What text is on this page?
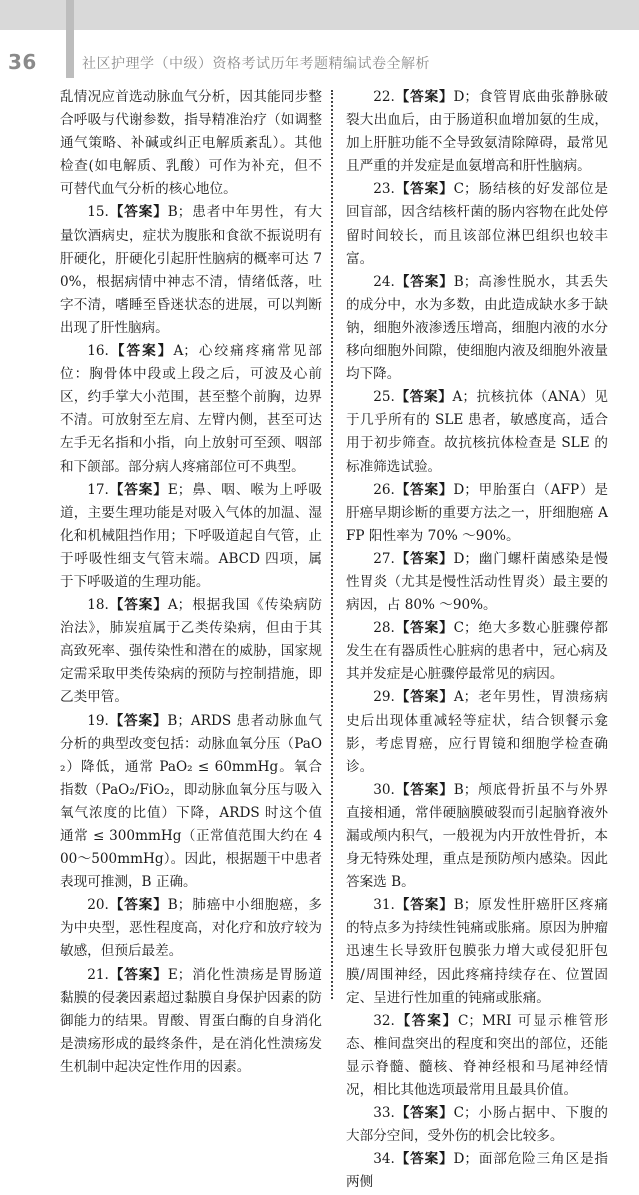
36	社区护理学（中级）资格考试历年考题精编试卷全解析

乱情况应首选动脉血气分析，因其能同步整合呼吸与代谢参数，指导精准治疗（如调整通气策略、补碱或纠正电解质紊乱）。其他检查(如电解质、乳酸）可作为补充，但不可替代血气分析的核心地位。

15.【答案】B；患者中年男性，有大量饮酒病史，症状为腹胀和食欲不振说明有肝硬化，肝硬化引起肝性脑病的概率可达 70%，根据病情中神志不清，情绪低落，吐字不清，嗜睡至昏迷状态的进展，可以判断出现了肝性脑病。

16.【答案】A；心绞痛疼痛常见部位：胸骨体中段或上段之后，可波及心前区，约手掌大小范围，甚至整个前胸，边界不清。可放射至左肩、左臂内侧，甚至可达左手无名指和小指，向上放射可至颈、咽部和下颌部。部分病人疼痛部位可不典型。

17.【答案】E；鼻、咽、喉为上呼吸道，主要生理功能是对吸入气体的加温、湿化和机械阻挡作用；下呼吸道起自气管，止于呼吸性细支气管末端。ABCD 四项，属于下呼吸道的生理功能。

18.【答案】A；根据我国《传染病防治法》，肺炭疽属于乙类传染病，但由于其高致死率、强传染性和潜在的威胁，国家规定需采取甲类传染病的预防与控制措施，即乙类甲管。

19.【答案】B；ARDS 患者动脉血气分析的典型改变包括：动脉血氧分压（PaO₂）降低，通常 PaO₂ ≤ 60mmHg。氧合指数（PaO₂/FiO₂，即动脉血氧分压与吸入氧气浓度的比值）下降，ARDS 时这个值通常 ≤ 300mmHg（正常值范围大约在 400～500mmHg）。因此，根据题干中患者表现可推测，B 正确。

20.【答案】B；肺癌中小细胞癌，多为中央型，恶性程度高，对化疗和放疗较为敏感，但预后最差。

21.【答案】E；消化性溃疡是胃肠道黏膜的侵袭因素超过黏膜自身保护因素的防御能力的结果。胃酸、胃蛋白酶的自身消化是溃疡形成的最终条件，是在消化性溃疡发生机制中起决定性作用的因素。

22.【答案】D；食管胃底曲张静脉破裂大出血后，由于肠道积血增加氨的生成，加上肝脏功能不全导致氨清除障碍，最常见且严重的并发症是血氨增高和肝性脑病。

23.【答案】C；肠结核的好发部位是回盲部，因含结核杆菌的肠内容物在此处停留时间较长，而且该部位淋巴组织也较丰富。

24.【答案】B；高渗性脱水，其丢失的成分中，水为多数，由此造成缺水多于缺钠，细胞外液渗透压增高，细胞内液的水分移向细胞外间隙，使细胞内液及细胞外液量均下降。

25.【答案】A；抗核抗体（ANA）见于几乎所有的 SLE 患者，敏感度高，适合用于初步筛查。故抗核抗体检查是 SLE 的标准筛选试验。

26.【答案】D；甲胎蛋白（AFP）是肝癌早期诊断的重要方法之一，肝细胞癌 AFP 阳性率为 70% ～90%。

27.【答案】D；幽门螺杆菌感染是慢性胃炎（尤其是慢性活动性胃炎）最主要的病因，占 80% ～90%。

28.【答案】C；绝大多数心脏骤停都发生在有器质性心脏病的患者中，冠心病及其并发症是心脏骤停最常见的病因。

29.【答案】A；老年男性，胃溃疡病史后出现体重减轻等症状，结合钡餐示龛影，考虑胃癌，应行胃镜和细胞学检查确诊。

30.【答案】B；颅底骨折虽不与外界直接相通，常伴硬脑膜破裂而引起脑脊液外漏或颅内积气，一般视为内开放性骨折，本身无特殊处理，重点是预防颅内感染。因此答案选 B。

31.【答案】B；原发性肝癌肝区疼痛的特点多为持续性钝痛或胀痛。原因为肿瘤迅速生长导致肝包膜张力增大或侵犯肝包膜/周围神经，因此疼痛持续存在、位置固定、呈进行性加重的钝痛或胀痛。

32.【答案】C；MRI 可显示椎管形态、椎间盘突出的程度和突出的部位，还能显示脊髓、髓核、脊神经根和马尾神经情况，相比其他选项最常用且最具价值。

33.【答案】C；小肠占据中、下腹的大部分空间，受外伤的机会比较多。

34.【答案】D；面部危险三角区是指两侧
